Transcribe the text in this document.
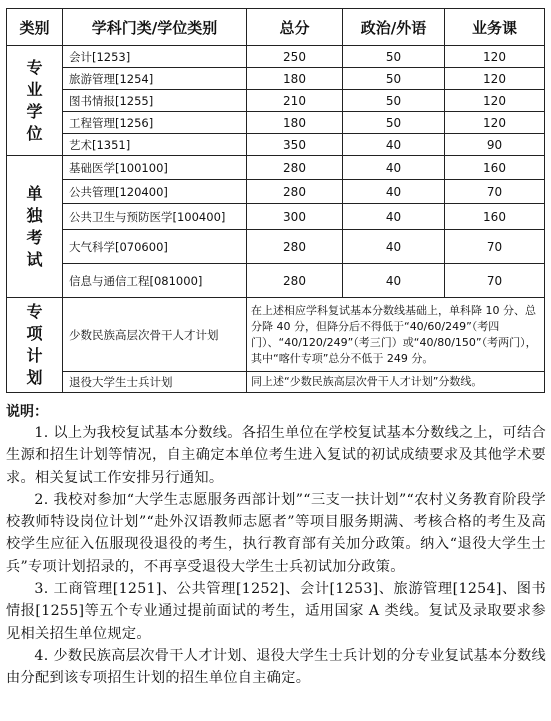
类别	学科门类/学位类别	总分	政治/外语	业务课

专业学位	会计[1253]	250	50	120
	旅游管理[1254]	180	50	120
	图书情报[1255]	210	50	120
	工程管理[1256]	180	50	120
	艺术[1351]	350	40	90

单独考试	基础医学[100100]	280	40	160
	公共管理[120400]	280	40	70
	公共卫生与预防医学[100400]	300	40	160
	大气科学[070600]	280	40	70
	信息与通信工程[081000]	280	40	70

专项计划	少数民族高层次骨干人才计划	在上述相应学科复试基本分数线基础上，单科降 10 分、总分降 40 分，但降分后不得低于“40/60/249”（考四门）、“40/120/249”（考三门）或“40/80/150”（考两门），其中“喀什专项”总分不低于 249 分。		
	退役大学生士兵计划	同上述“少数民族高层次骨干人才计划”分数线。		
说明：

1. 以上为我校复试基本分数线。各招生单位在学校复试基本分数线之上，可结合生源和招生计划等情况，自主确定本单位考生进入复试的初试成绩要求及其他学术要求。相关复试工作安排另行通知。

2. 我校对参加“大学生志愿服务西部计划”“三支一扶计划”“农村义务教育阶段学校教师特设岗位计划”“赴外汉语教师志愿者”等项目服务期满、考核合格的考生及高校学生应征入伍服现役退役的考生，执行教育部有关加分政策。纳入“退役大学生士兵”专项计划招录的，不再享受退役大学生士兵初试加分政策。

3. 工商管理[1251]、公共管理[1252]、会计[1253]、旅游管理[1254]、图书情报[1255]等五个专业通过提前面试的考生，适用国家 A 类线。复试及录取要求参见相关招生单位规定。

4. 少数民族高层次骨干人才计划、退役大学生士兵计划的分专业复试基本分数线由分配到该专项招生计划的招生单位自主确定。
